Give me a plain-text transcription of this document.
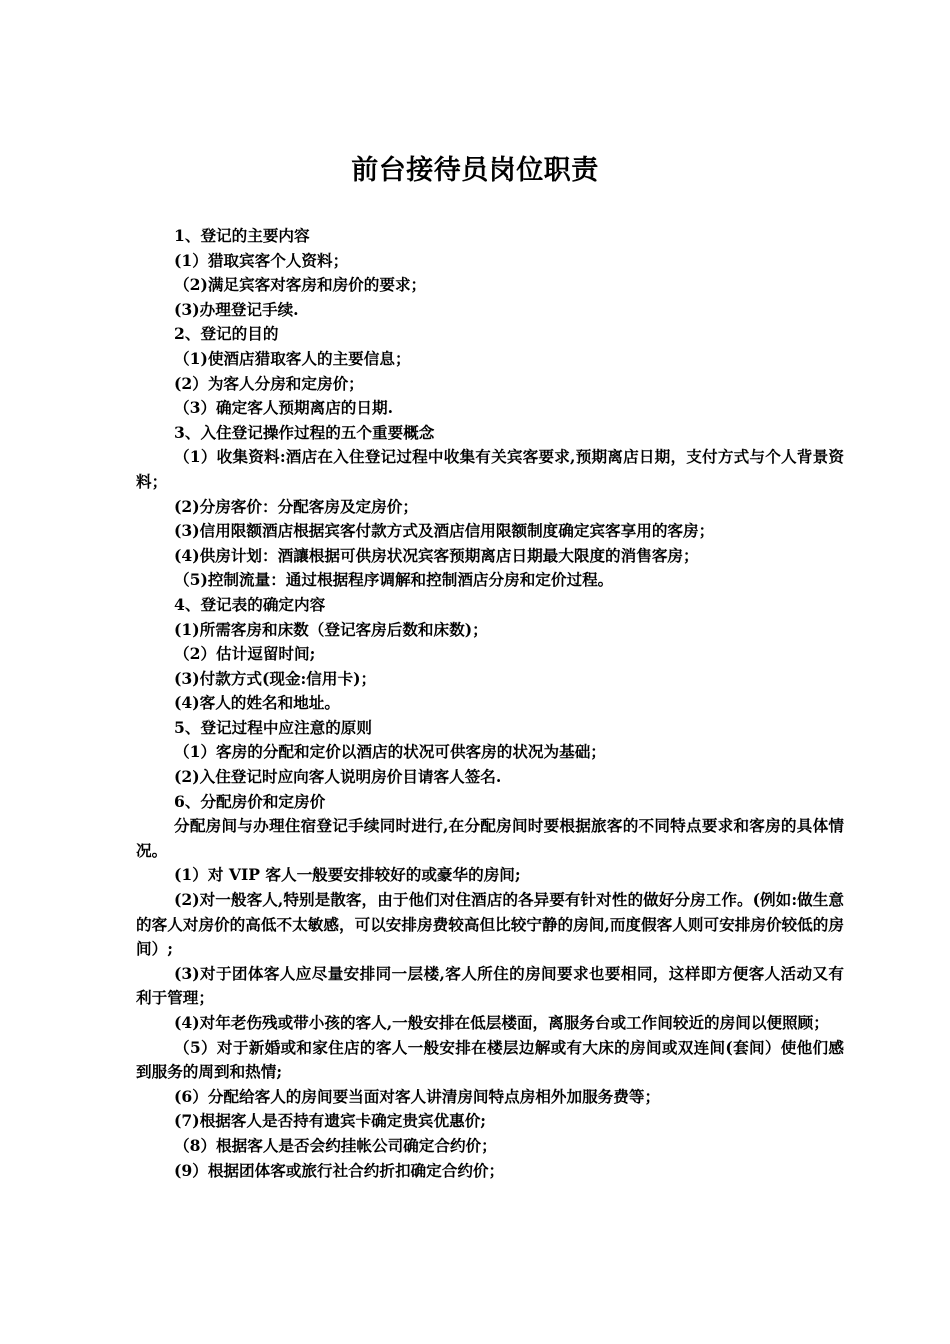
前台接待员岗位职责

1、登记的主要内容

(1）猎取宾客个人资料；

（2)满足宾客对客房和房价的要求；

(3)办理登记手续.

2、登记的目的

（1)使酒店猎取客人的主要信息；

(2）为客人分房和定房价；

（3）确定客人预期离店的日期.

3、入住登记操作过程的五个重要概念

（1）收集资料:酒店在入住登记过程中收集有关宾客要求,预期离店日期，支付方式与个人背景资料；

(2)分房客价：分配客房及定房价；

(3)信用限额酒店根据宾客付款方式及酒店信用限额制度确定宾客享用的客房；

(4)供房计划：酒讓根据可供房状况宾客预期离店日期最大限度的消售客房；

（5)控制流量：通过根据程序调解和控制酒店分房和定价过程。

4、登记表的确定内容

(1)所需客房和床数（登记客房后数和床数)；

（2）估计逗留时间;

(3)付款方式(现金:信用卡)；

(4)客人的姓名和地址。

5、登记过程中应注意的原则

（1）客房的分配和定价以酒店的状况可供客房的状况为基础；

(2)入住登记时应向客人说明房价目请客人签名.

6、分配房价和定房价

分配房间与办理住宿登记手续同时进行,在分配房间时要根据旅客的不同特点要求和客房的具体情况。

(1）对 VIP 客人一般要安排较好的或豪华的房间;

(2)对一般客人,特别是散客，由于他们对住酒店的各异要有针对性的做好分房工作。(例如:做生意的客人对房价的高低不太敏感，可以安排房费较高但比较宁静的房间,而度假客人则可安排房价较低的房间）;

(3)对于团体客人应尽量安排同一层楼,客人所住的房间要求也要相同，这样即方便客人活动又有利于管理；

(4)对年老伤残或带小孩的客人,一般安排在低层楼面，离服务台或工作间较近的房间以便照顾；

（5）对于新婚或和家住店的客人一般安排在楼层边解或有大床的房间或双连间(套间）使他们感到服务的周到和热情;

(6）分配给客人的房间要当面对客人讲清房间特点房相外加服务费等；

(7)根据客人是否持有遗宾卡确定贵宾优惠价;

（8）根据客人是否会约挂帐公司确定合约价；

(9）根据团体客或旅行社合约折扣确定合约价；
